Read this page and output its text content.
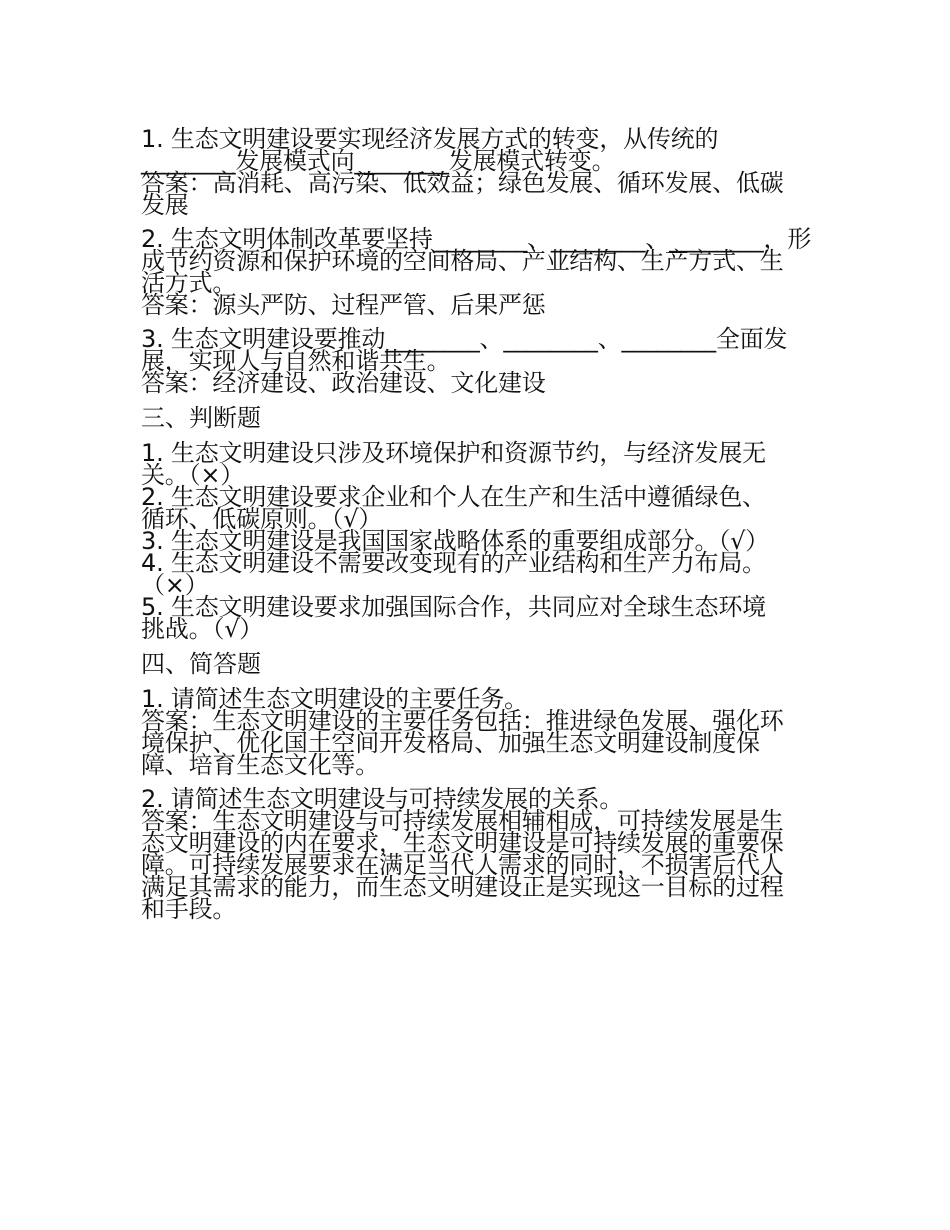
1. 生态文明建设要实现经济发展方式的转变，从传统的

________发展模式向________发展模式转变。

答案：高消耗、高污染、低效益；绿色发展、循环发展、低碳

发展

2. 生态文明体制改革要坚持________、________、________，形

成节约资源和保护环境的空间格局、产业结构、生产方式、生

活方式。

答案：源头严防、过程严管、后果严惩

3. 生态文明建设要推动________、________、________全面发

展，实现人与自然和谐共生。

答案：经济建设、政治建设、文化建设

三、判断题

1. 生态文明建设只涉及环境保护和资源节约，与经济发展无

关。（×）

2. 生态文明建设要求企业和个人在生产和生活中遵循绿色、

循环、低碳原则。（√）

3. 生态文明建设是我国国家战略体系的重要组成部分。（√）

4. 生态文明建设不需要改变现有的产业结构和生产力布局。

（×）

5. 生态文明建设要求加强国际合作，共同应对全球生态环境

挑战。（√）

四、简答题

1. 请简述生态文明建设的主要任务。

答案：生态文明建设的主要任务包括：推进绿色发展、强化环

境保护、优化国土空间开发格局、加强生态文明建设制度保

障、培育生态文化等。

2. 请简述生态文明建设与可持续发展的关系。

答案：生态文明建设与可持续发展相辅相成，可持续发展是生

态文明建设的内在要求，生态文明建设是可持续发展的重要保

障。可持续发展要求在满足当代人需求的同时，不损害后代人

满足其需求的能力，而生态文明建设正是实现这一目标的过程

和手段。
